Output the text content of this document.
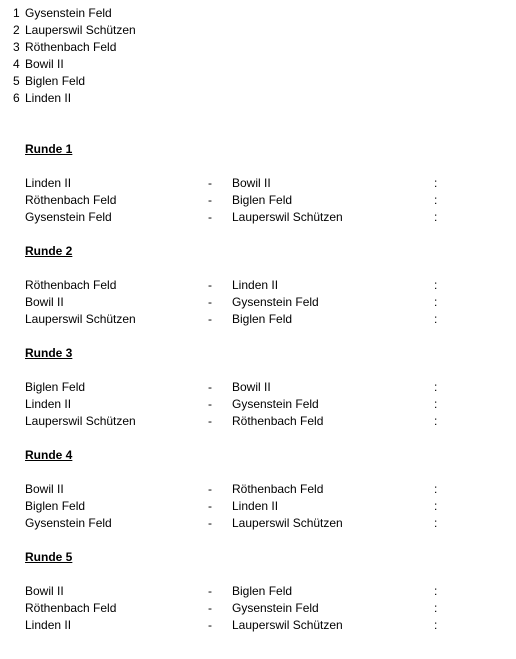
1 Gysenstein Feld
2 Lauperswil Schützen
3 Röthenbach Feld
4 Bowil II
5 Biglen Feld
6 Linden II
Runde 1
Linden II	- Bowil II	:
Röthenbach Feld	- Biglen Feld	:
Gysenstein Feld	- Lauperswil Schützen	:
Runde 2
Röthenbach Feld	- Linden II	:
Bowil II	- Gysenstein Feld	:
Lauperswil Schützen	- Biglen Feld	:
Runde 3
Biglen Feld	- Bowil II	:
Linden II	- Gysenstein Feld	:
Lauperswil Schützen	- Röthenbach Feld	:
Runde 4
Bowil II	- Röthenbach Feld	:
Biglen Feld	- Linden II	:
Gysenstein Feld	- Lauperswil Schützen	:
Runde 5
Bowil II	- Biglen Feld	:
Röthenbach Feld	- Gysenstein Feld	:
Linden II	- Lauperswil Schützen	:
